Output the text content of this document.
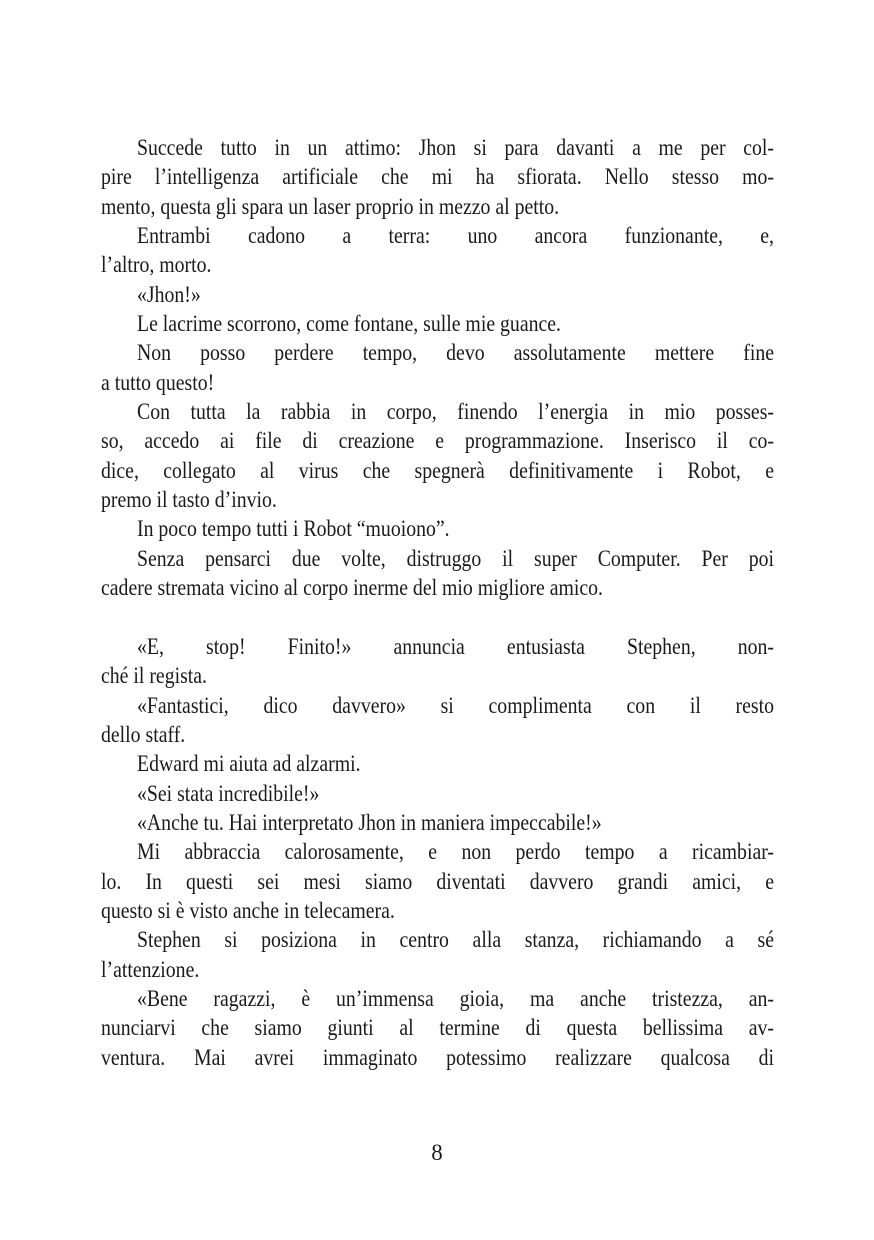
Succede tutto in un attimo: Jhon si para davanti a me per col-
pire l’intelligenza artificiale che mi ha sfiorata. Nello stesso mo-
mento, questa gli spara un laser proprio in mezzo al petto.
Entrambi cadono a terra: uno ancora funzionante, e,
l’altro, morto.
«Jhon!»
Le lacrime scorrono, come fontane, sulle mie guance.
Non posso perdere tempo, devo assolutamente mettere fine
a tutto questo!
Con tutta la rabbia in corpo, finendo l’energia in mio posses-
so, accedo ai file di creazione e programmazione. Inserisco il co-
dice, collegato al virus che spegnerà definitivamente i Robot, e
premo il tasto d’invio.
In poco tempo tutti i Robot “muoiono”.
Senza pensarci due volte, distruggo il super Computer. Per poi
cadere stremata vicino al corpo inerme del mio migliore amico.
«E, stop! Finito!» annuncia entusiasta Stephen, non-
ché il regista.
«Fantastici, dico davvero» si complimenta con il resto
dello staff.
Edward mi aiuta ad alzarmi.
«Sei stata incredibile!»
«Anche tu. Hai interpretato Jhon in maniera impeccabile!»
Mi abbraccia calorosamente, e non perdo tempo a ricambiar-
lo. In questi sei mesi siamo diventati davvero grandi amici, e
questo si è visto anche in telecamera.
Stephen si posiziona in centro alla stanza, richiamando a sé
l’attenzione.
«Bene ragazzi, è un’immensa gioia, ma anche tristezza, an-
nunciarvi che siamo giunti al termine di questa bellissima av-
ventura. Mai avrei immaginato potessimo realizzare qualcosa di
8
